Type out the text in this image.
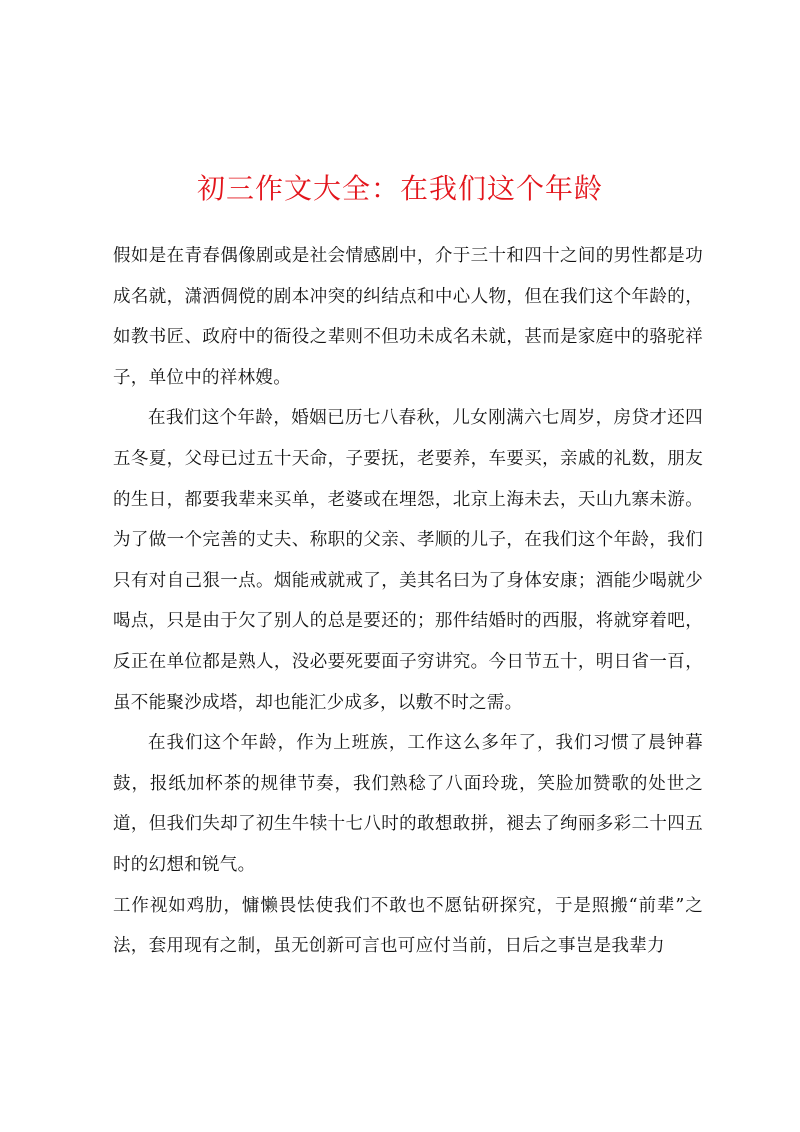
初三作文大全：在我们这个年龄

假如是在青春偶像剧或是社会情感剧中，介于三十和四十之间的男性都是功成名就，潇洒倜傥的剧本冲突的纠结点和中心人物，但在我们这个年龄的，如教书匠、政府中的衙役之辈则不但功未成名未就，甚而是家庭中的骆驼祥子，单位中的祥林嫂。

在我们这个年龄，婚姻已历七八春秋，儿女刚满六七周岁，房贷才还四五冬夏，父母已过五十天命，子要抚，老要养，车要买，亲戚的礼数，朋友的生日，都要我辈来买单，老婆或在埋怨，北京上海未去，天山九寨未游。为了做一个完善的丈夫、称职的父亲、孝顺的儿子，在我们这个年龄，我们只有对自己狠一点。烟能戒就戒了，美其名曰为了身体安康；酒能少喝就少喝点，只是由于欠了别人的总是要还的；那件结婚时的西服，将就穿着吧，反正在单位都是熟人，没必要死要面子穷讲究。今日节五十，明日省一百，虽不能聚沙成塔，却也能汇少成多，以敷不时之需。

在我们这个年龄，作为上班族，工作这么多年了，我们习惯了晨钟暮鼓，报纸加杯茶的规律节奏，我们熟稔了八面玲珑，笑脸加赞歌的处世之道，但我们失却了初生牛犊十七八时的敢想敢拼，褪去了绚丽多彩二十四五时的幻想和锐气。

工作视如鸡肋，慵懒畏怯使我们不敢也不愿钻研探究，于是照搬“前辈”之法，套用现有之制，虽无创新可言也可应付当前，日后之事岂是我辈力
